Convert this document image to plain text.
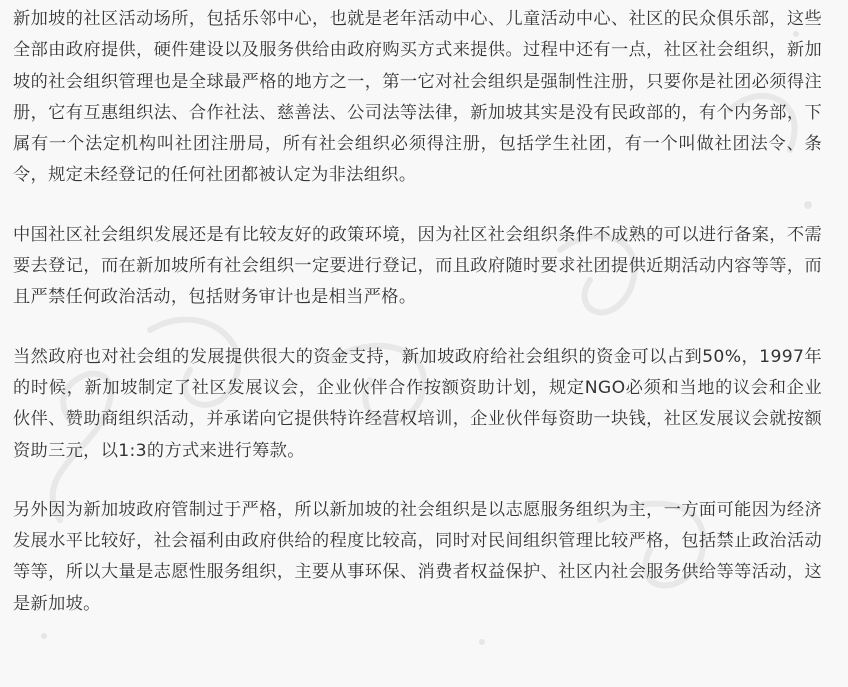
新加坡的社区活动场所，包括乐邻中心，也就是老年活动中心、儿童活动中心、社区的民众俱乐部，这些全部由政府提供，硬件建设以及服务供给由政府购买方式来提供。过程中还有一点，社区社会组织，新加坡的社会组织管理也是全球最严格的地方之一，第一它对社会组织是强制性注册，只要你是社团必须得注册，它有互惠组织法、合作社法、慈善法、公司法等法律，新加坡其实是没有民政部的，有个内务部，下属有一个法定机构叫社团注册局，所有社会组织必须得注册，包括学生社团，有一个叫做社团法令、条令，规定未经登记的任何社团都被认定为非法组织。

中国社区社会组织发展还是有比较友好的政策环境，因为社区社会组织条件不成熟的可以进行备案，不需要去登记，而在新加坡所有社会组织一定要进行登记，而且政府随时要求社团提供近期活动内容等等，而且严禁任何政治活动，包括财务审计也是相当严格。

当然政府也对社会组的发展提供很大的资金支持，新加坡政府给社会组织的资金可以占到50%，1997年的时候，新加坡制定了社区发展议会，企业伙伴合作按额资助计划，规定NGO必须和当地的议会和企业伙伴、赞助商组织活动，并承诺向它提供特许经营权培训，企业伙伴每资助一块钱，社区发展议会就按额资助三元，以1:3的方式来进行筹款。

另外因为新加坡政府管制过于严格，所以新加坡的社会组织是以志愿服务组织为主，一方面可能因为经济发展水平比较好，社会福利由政府供给的程度比较高，同时对民间组织管理比较严格，包括禁止政治活动等等，所以大量是志愿性服务组织，主要从事环保、消费者权益保护、社区内社会服务供给等等活动，这是新加坡。
